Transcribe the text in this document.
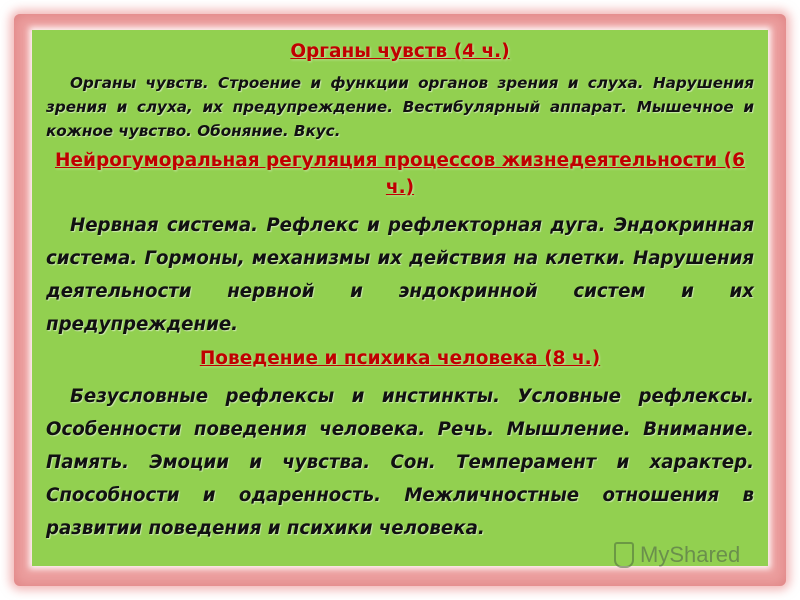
Органы чувств (4 ч.)
Органы чувств. Строение и функции органов зрения и слуха. Нарушения зрения и слуха, их предупреждение. Вестибулярный аппарат. Мышечное и кожное чувство. Обоняние. Вкус.
Нейрогуморальная регуляция процессов жизнедеятельности (6 ч.)
Нервная система. Рефлекс и рефлекторная дуга. Эндокринная система. Гормоны, механизмы их действия на клетки. Нарушения деятельности нервной и эндокринной систем и их предупреждение.
Поведение и психика человека (8 ч.)
Безусловные рефлексы и инстинкты. Условные рефлексы. Особенности поведения человека. Речь. Мышление. Внимание. Память. Эмоции и чувства. Сон. Темперамент и характер. Способности и одаренность. Межличностные отношения в развитии поведения и психики человека.
MyShared
